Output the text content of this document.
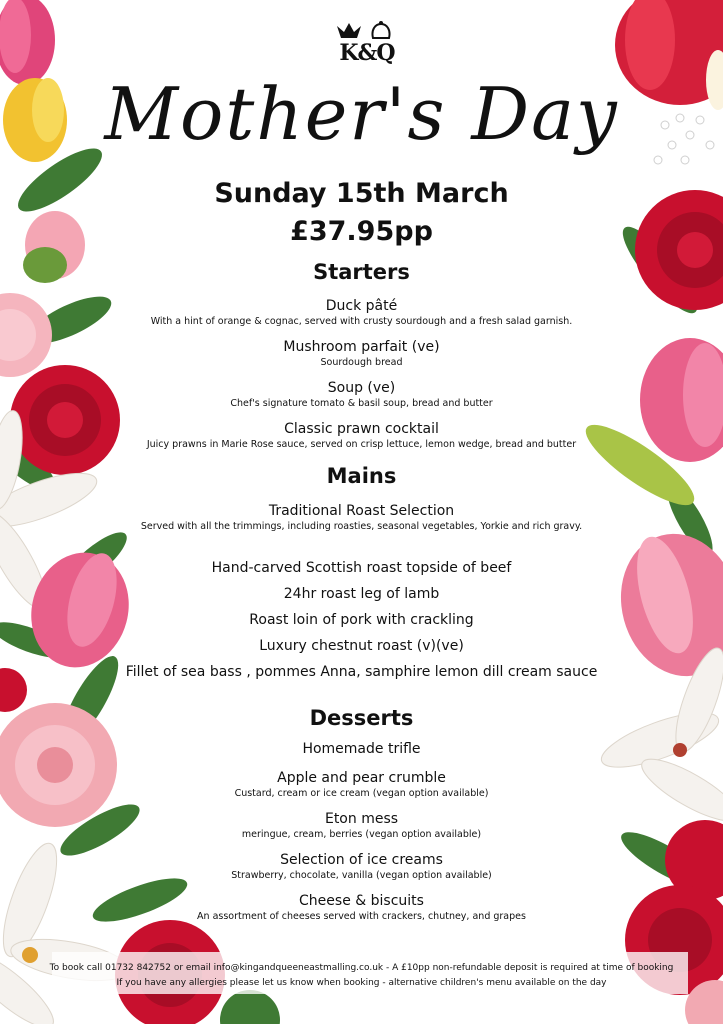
K&Q
Mother's Day
Sunday 15th March
£37.95pp
Starters
Duck pâté
With a hint of orange & cognac, served with crusty sourdough and a fresh salad garnish.
Mushroom parfait (ve)
Sourdough bread
Soup (ve)
Chef's signature tomato & basil soup, bread and butter
Classic prawn cocktail
Juicy prawns in Marie Rose sauce, served on crisp lettuce, lemon wedge, bread and butter
Mains
Traditional Roast Selection
Served with all the trimmings, including roasties, seasonal vegetables, Yorkie and rich gravy.
Hand-carved Scottish roast topside of beef
24hr roast leg of lamb
Roast loin of pork with crackling
Luxury chestnut roast (v)(ve)
Fillet of sea bass , pommes Anna, samphire lemon dill cream sauce
Desserts
Homemade trifle
Apple and pear crumble
Custard, cream or ice cream (vegan option available)
Eton mess
meringue, cream, berries (vegan option available)
Selection of ice creams
Strawberry, chocolate, vanilla (vegan option available)
Cheese & biscuits
An assortment of cheeses served with crackers, chutney, and grapes
To book call 01732 842752 or email info@kingandqueeneastmalling.co.uk - A £10pp non-refundable deposit is required at time of booking
If you have any allergies please let us know when booking - alternative children's menu available on the day
